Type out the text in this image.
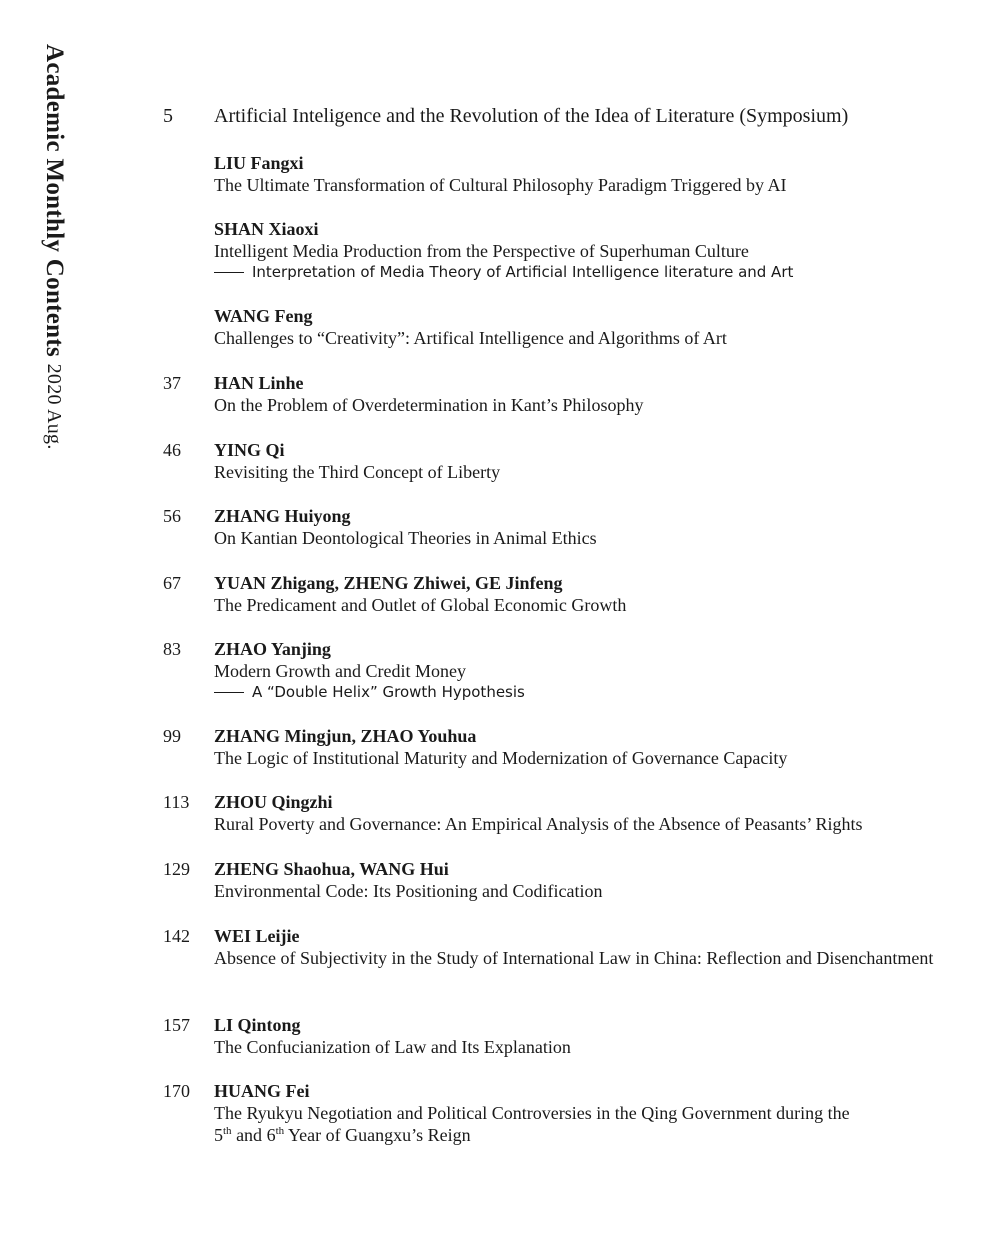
Academic Monthly Contents 2020 Aug.
5 Artificial Inteligence and the Revolution of the Idea of Literature (Symposium)
LIU Fangxi
The Ultimate Transformation of Cultural Philosophy Paradigm Triggered by AI
SHAN Xiaoxi
Intelligent Media Production from the Perspective of Superhuman Culture
Interpretation of Media Theory of Artificial Intelligence literature and Art
WANG Feng
Challenges to “Creativity”: Artifical Intelligence and Algorithms of Art
37 HAN Linhe
On the Problem of Overdetermination in Kant’s Philosophy
46 YING Qi
Revisiting the Third Concept of Liberty
56 ZHANG Huiyong
On Kantian Deontological Theories in Animal Ethics
67 YUAN Zhigang, ZHENG Zhiwei, GE Jinfeng
The Predicament and Outlet of Global Economic Growth
83 ZHAO Yanjing
Modern Growth and Credit Money
A “Double Helix” Growth Hypothesis
99 ZHANG Mingjun, ZHAO Youhua
The Logic of Institutional Maturity and Modernization of Governance Capacity
113 ZHOU Qingzhi
Rural Poverty and Governance: An Empirical Analysis of the Absence of Peasants’ Rights
129 ZHENG Shaohua, WANG Hui
Environmental Code: Its Positioning and Codification
142 WEI Leijie
Absence of Subjectivity in the Study of International Law in China: Reflection and Disenchantment
157 LI Qintong
The Confucianization of Law and Its Explanation
170 HUANG Fei
The Ryukyu Negotiation and Political Controversies in the Qing Government during the
5th and 6th Year of Guangxu’s Reign
